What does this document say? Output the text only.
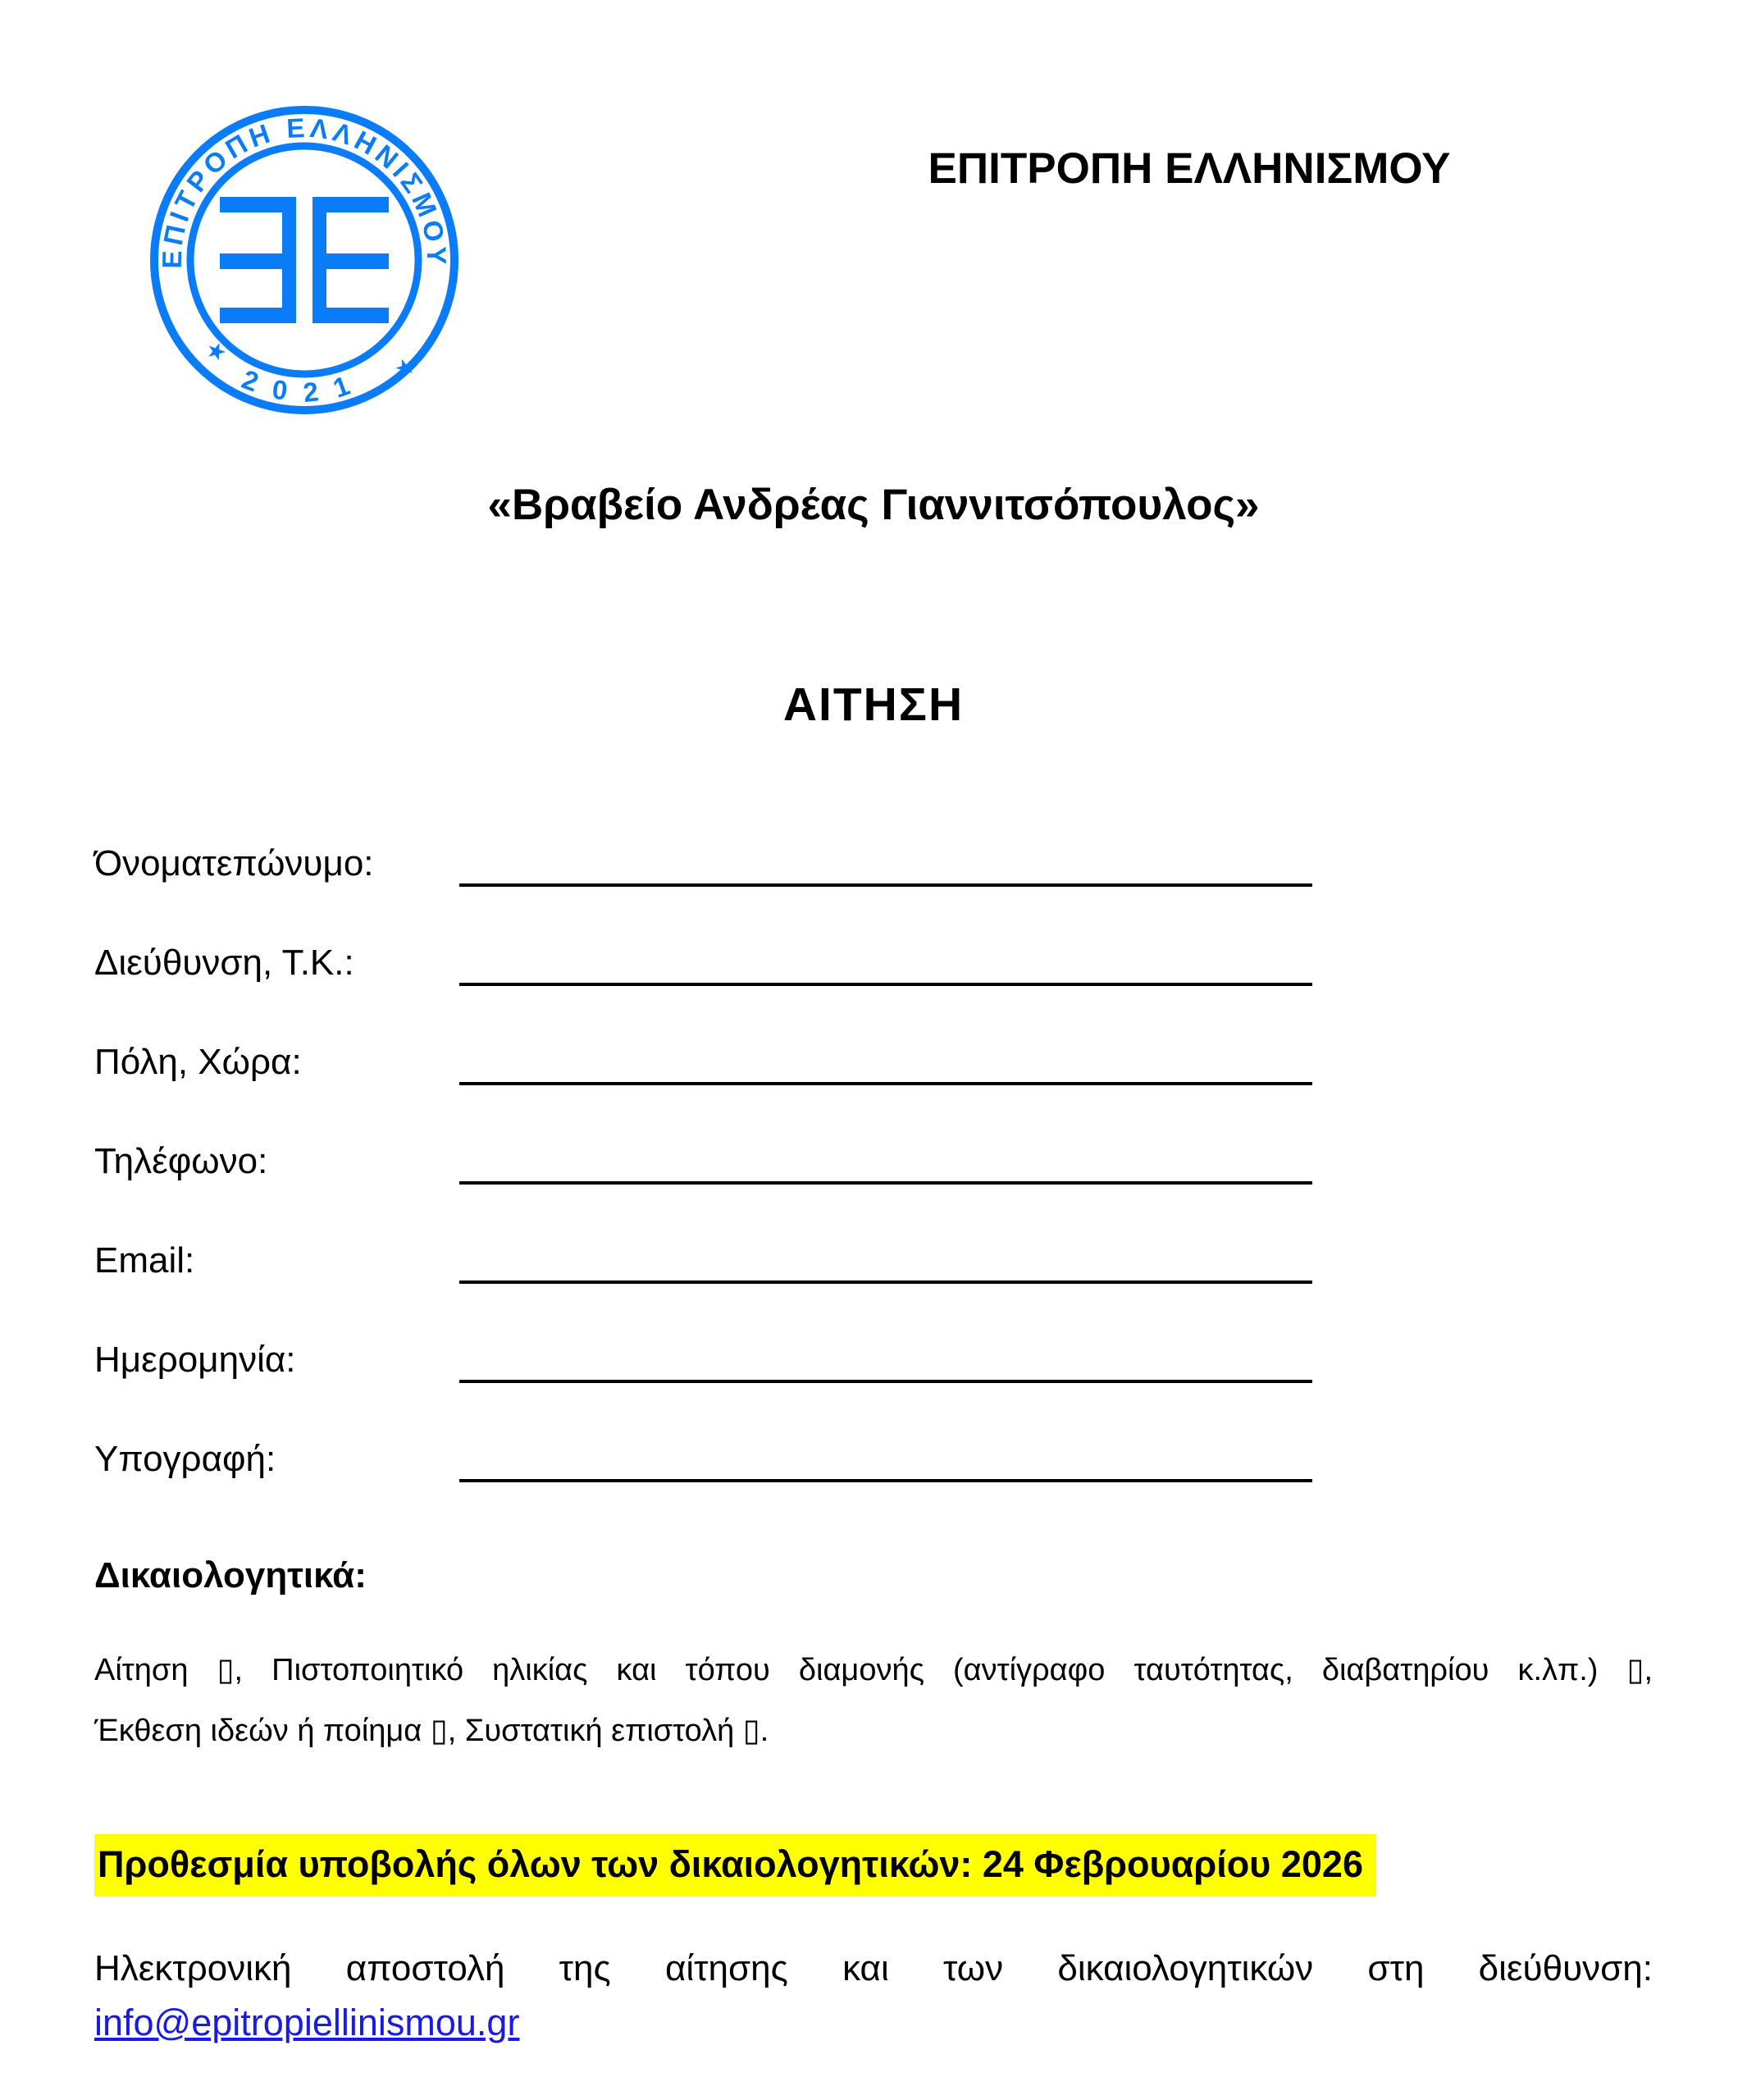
ΕΠΙΤΡΟΠΗ ΕΛΛΗΝΙΣΜΟΥ
2021
★
★
ΕΠΙΤΡΟΠΗ ΕΛΛΗΝΙΣΜΟΥ
«Βραβείο Ανδρέας Γιαννιτσόπουλος»
ΑΙΤΗΣΗ
Όνοματεπώνυμο:
Διεύθυνση, Τ.Κ.:
Πόλη, Χώρα:
Τηλέφωνο:
Email:
Ημερομηνία:
Υπογραφή:
Δικαιολογητικά:
Αίτηση ▯, Πιστοποιητικό ηλικίας και τόπου διαμονής (αντίγραφο ταυτότητας, διαβατηρίου κ.λπ.) ▯,
Έκθεση ιδεών ή ποίημα ▯, Συστατική επιστολή ▯.
Προθεσμία υποβολής όλων των δικαιολογητικών: 24 Φεβρουαρίου 2026
Ηλεκτρονική αποστολή της αίτησης και των δικαιολογητικών στη διεύθυνση:
info@epitropiellinismou.gr
